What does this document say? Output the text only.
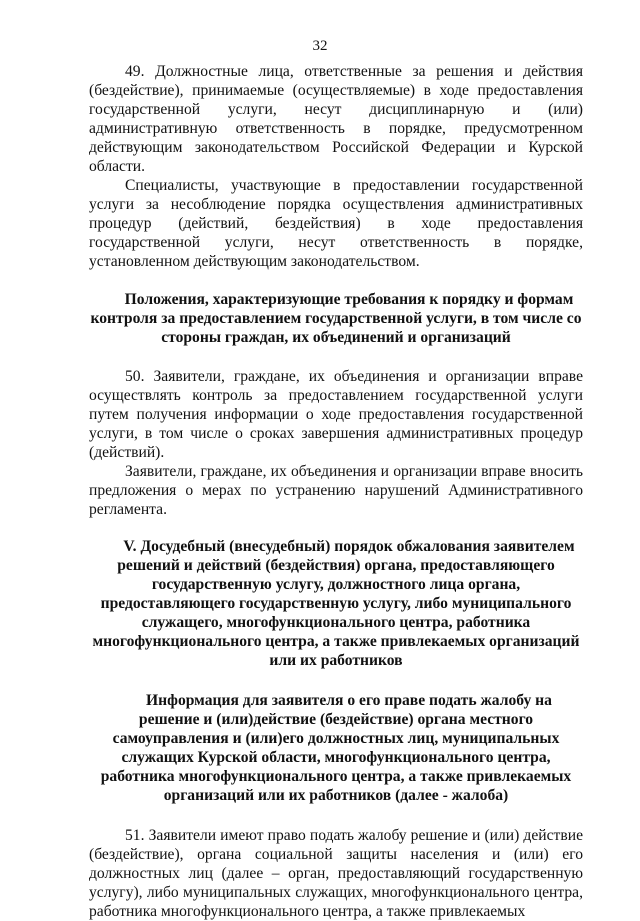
32

49. Должностные лица, ответственные за решения и действия (бездействие), принимаемые (осуществляемые) в ходе предоставления государственной услуги, несут дисциплинарную и (или) административную ответственность в порядке, предусмотренном действующим законодательством Российской Федерации и Курской области.

Специалисты, участвующие в предоставлении государственной услуги за несоблюдение порядка осуществления административных процедур (действий, бездействия) в ходе предоставления государственной услуги, несут ответственность в порядке, установленном действующим законодательством.

Положения, характеризующие требования к порядку и формам контроля за предоставлением государственной услуги, в том числе со стороны граждан, их объединений и организаций

50. Заявители, граждане, их объединения и организации вправе осуществлять контроль за предоставлением государственной услуги путем получения информации о ходе предоставления государственной услуги, в том числе о сроках завершения административных процедур (действий).

Заявители, граждане, их объединения и организации вправе вносить предложения о мерах по устранению нарушений Административного регламента.

V. Досудебный (внесудебный) порядок обжалования заявителем решений и действий (бездействия) органа, предоставляющего государственную услугу, должностного лица органа, предоставляющего государственную услугу, либо муниципального служащего, многофункционального центра, работника многофункционального центра, а также привлекаемых организаций или их работников

Информация для заявителя о его праве подать жалобу на решение и (или)действие (бездействие) органа местного самоуправления и (или)его должностных лиц, муниципальных служащих Курской области, многофункционального центра, работника многофункционального центра, а также привлекаемых организаций или их работников (далее - жалоба)

51. Заявители имеют право подать жалобу решение и (или) действие (бездействие), органа социальной защиты населения и (или) его должностных лиц (далее – орган, предоставляющий государственную услугу), либо муниципальных служащих, многофункционального центра, работника многофункционального центра, а также привлекаемых
